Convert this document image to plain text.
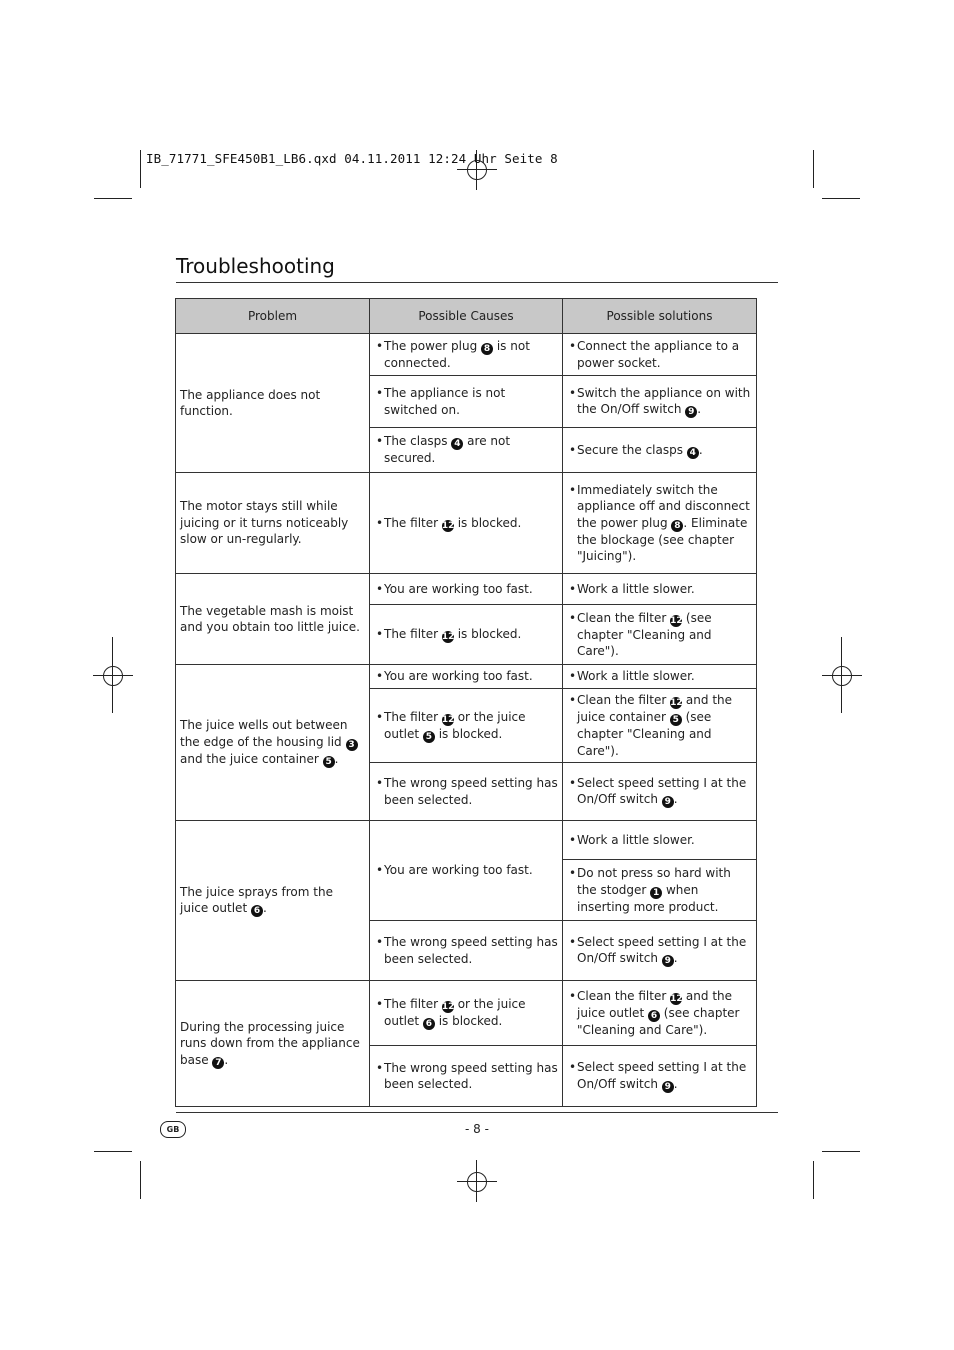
IB_71771_SFE450B1_LB6.qxd 04.11.2011 12:24 Uhr Seite 8
Troubleshooting
Problem	Possible Causes	Possible solutions
The appliance does not function.	• The power plug 8 is not connected.	• Connect the appliance to a power socket.

	• The appliance is not switched on.	• Switch the appliance on with the On/Off switch 9 .

	• The clasps 4 are not secured.	• Secure the clasps 4 .

The motor stays still while juicing or it turns noticeably slow or un-regularly.	• The filter 12 is blocked.	• Immediately switch the appliance off and disconnect the power plug 8 . Eliminate the blockage (see chapter "Juicing").

The vegetable mash is moist and you obtain too little juice.	• You are working too fast.	• Work a little slower.

	• The filter 12 is blocked.	• Clean the filter 12 (see chapter "Cleaning and Care").

The juice wells out between the edge of the housing lid 3 and the juice container 5 .	• You are working too fast.	• Work a little slower.

	• The filter 12 or the juice outlet 5 is blocked.	• Clean the filter 12 and the juice container 5 (see chapter "Cleaning and Care").

	• The wrong speed setting has been selected.	• Select speed setting I at the On/Off switch 9 .

The juice sprays from the juice outlet 6 .	• You are working too fast.	• Work a little slower.

		• Do not press so hard with the stodger 1 when inserting more product.

	• The wrong speed setting has been selected.	• Select speed setting I at the On/Off switch 9 .

During the processing juice runs down from the appliance base 7 .	• The filter 12 or the juice outlet 6 is blocked.	• Clean the filter 12 and the juice outlet 6 (see chapter "Cleaning and Care").

	• The wrong speed setting has been selected.	• Select speed setting I at the On/Off switch 9 .
GB	- 8 -
